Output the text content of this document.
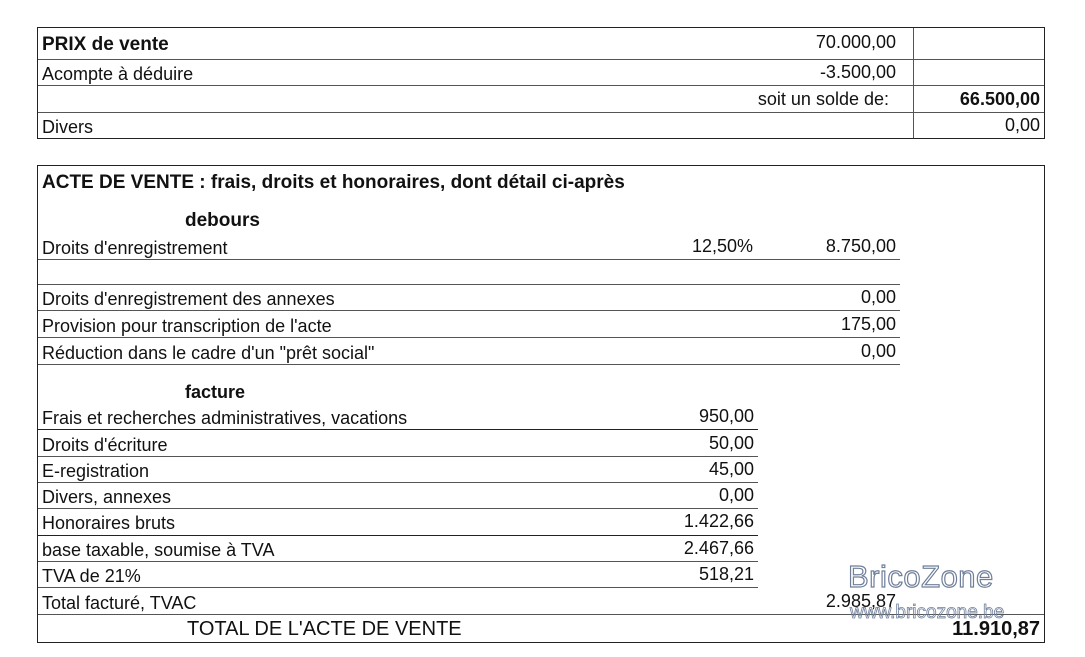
PRIX de vente	70.000,00
Acompte à déduire	-3.500,00
soit un solde de:	66.500,00
Divers	0,00
ACTE DE VENTE : frais, droits et honoraires, dont détail ci-après
debours
Droits d'enregistrement	12,50%	8.750,00
Droits d'enregistrement des annexes	0,00
Provision pour transcription de l'acte	175,00
Réduction dans le cadre d'un "prêt social"	0,00
facture
Frais et recherches administratives, vacations	950,00
Droits d'écriture	50,00
E-registration	45,00
Divers, annexes	0,00
Honoraires bruts	1.422,66
base taxable, soumise à TVA	2.467,66
TVA de 21%	518,21
Total facturé, TVAC	2.985,87
TOTAL DE L'ACTE DE VENTE	11.910,87
BricoZone
www.bricozone.be
